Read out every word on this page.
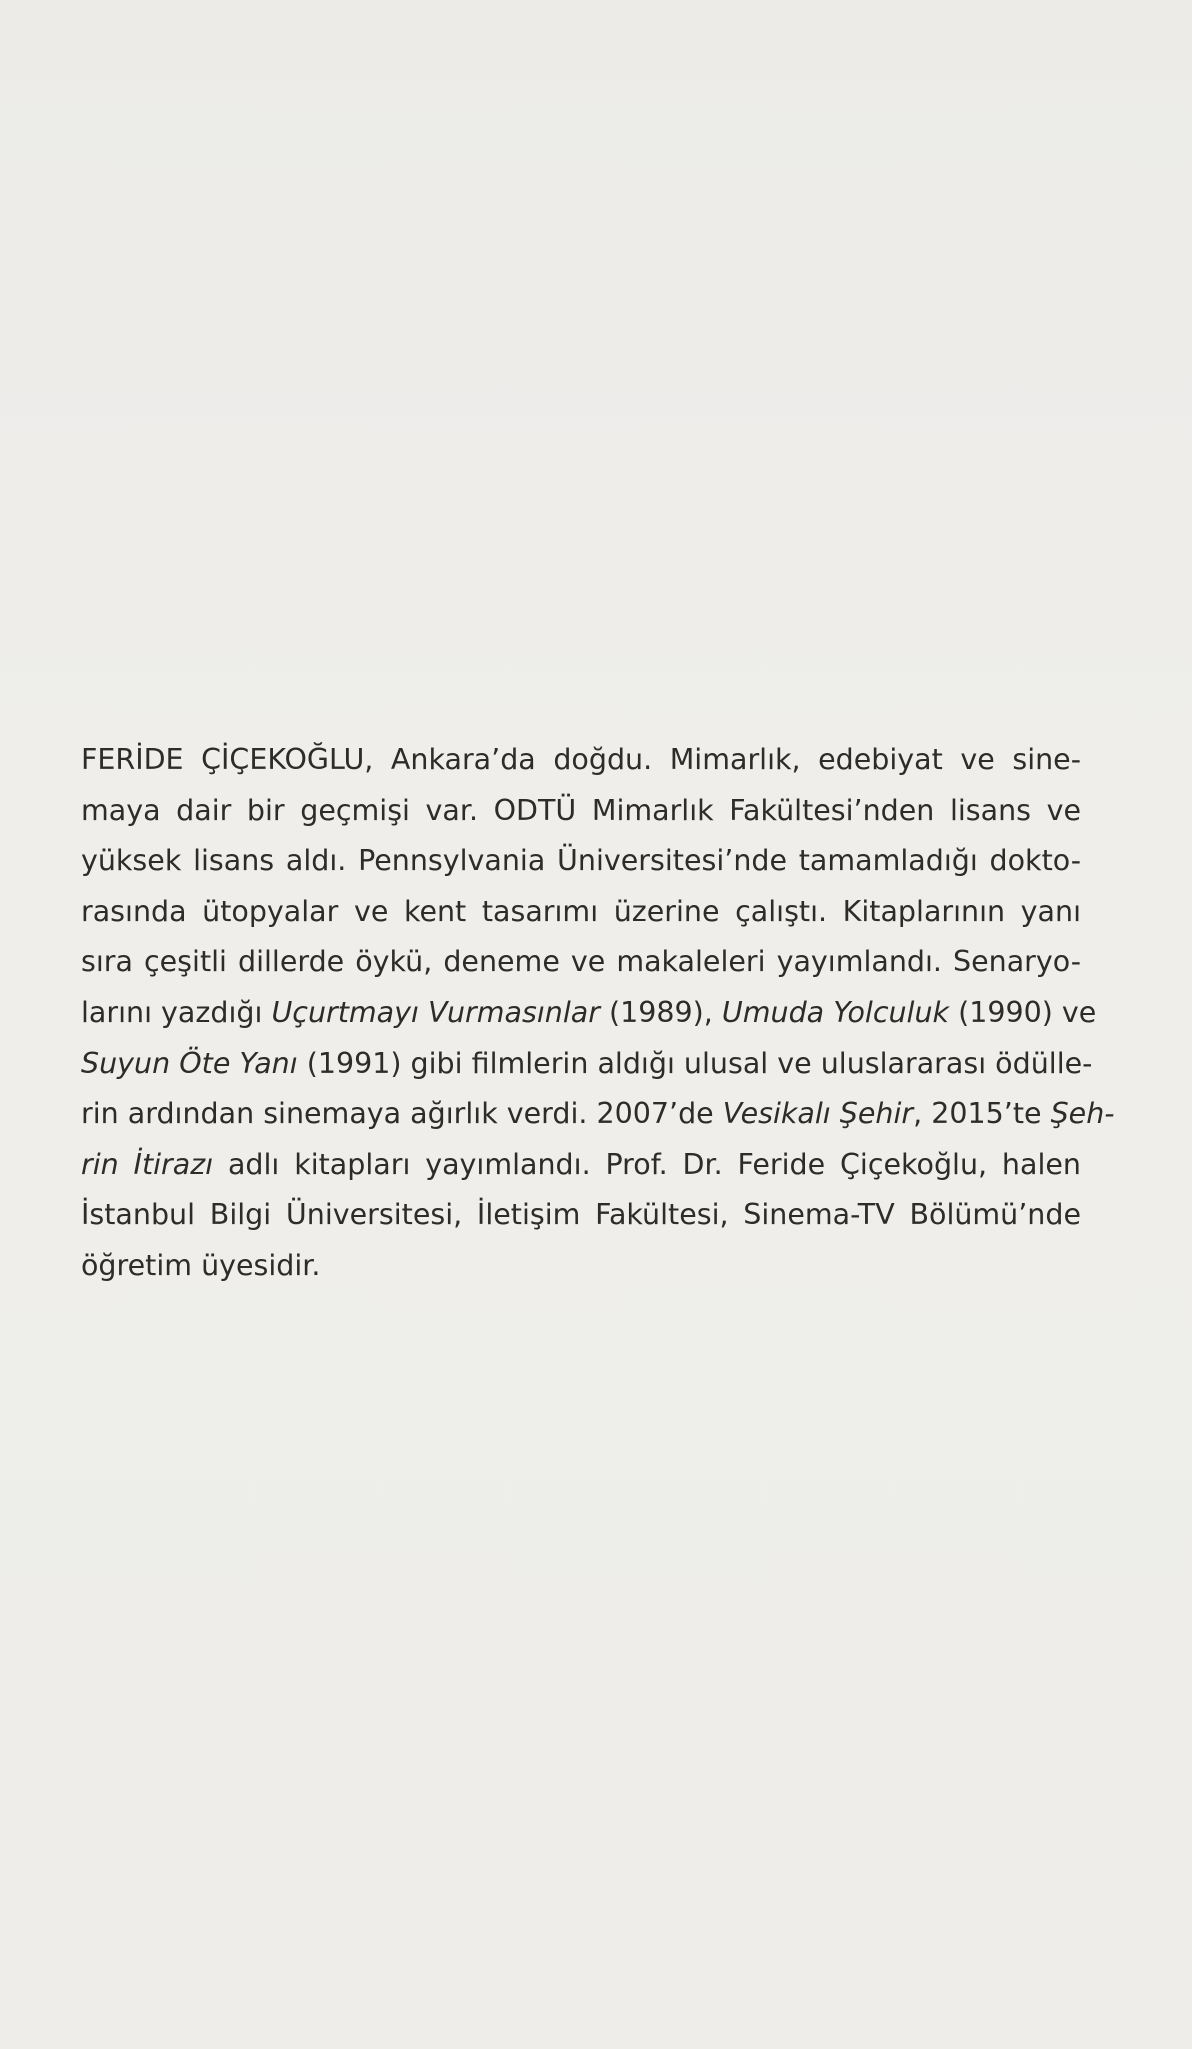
FERİDE ÇİÇEKOĞLU, Ankara’da doğdu. Mimarlık, edebiyat ve sine-
maya dair bir geçmişi var. ODTÜ Mimarlık Fakültesi’nden lisans ve
yüksek lisans aldı. Pennsylvania Üniversitesi’nde tamamladığı dokto-
rasında ütopyalar ve kent tasarımı üzerine çalıştı. Kitaplarının yanı
sıra çeşitli dillerde öykü, deneme ve makaleleri yayımlandı. Senaryo-
larını yazdığı Uçurtmayı Vurmasınlar (1989), Umuda Yolculuk (1990) ve
Suyun Öte Yanı (1991) gibi filmlerin aldığı ulusal ve uluslararası ödülle-
rin ardından sinemaya ağırlık verdi. 2007’de Vesikalı Şehir, 2015’te Şeh-
rin İtirazı adlı kitapları yayımlandı. Prof. Dr. Feride Çiçekoğlu, halen
İstanbul Bilgi Üniversitesi, İletişim Fakültesi, Sinema-TV Bölümü’nde
öğretim üyesidir.
